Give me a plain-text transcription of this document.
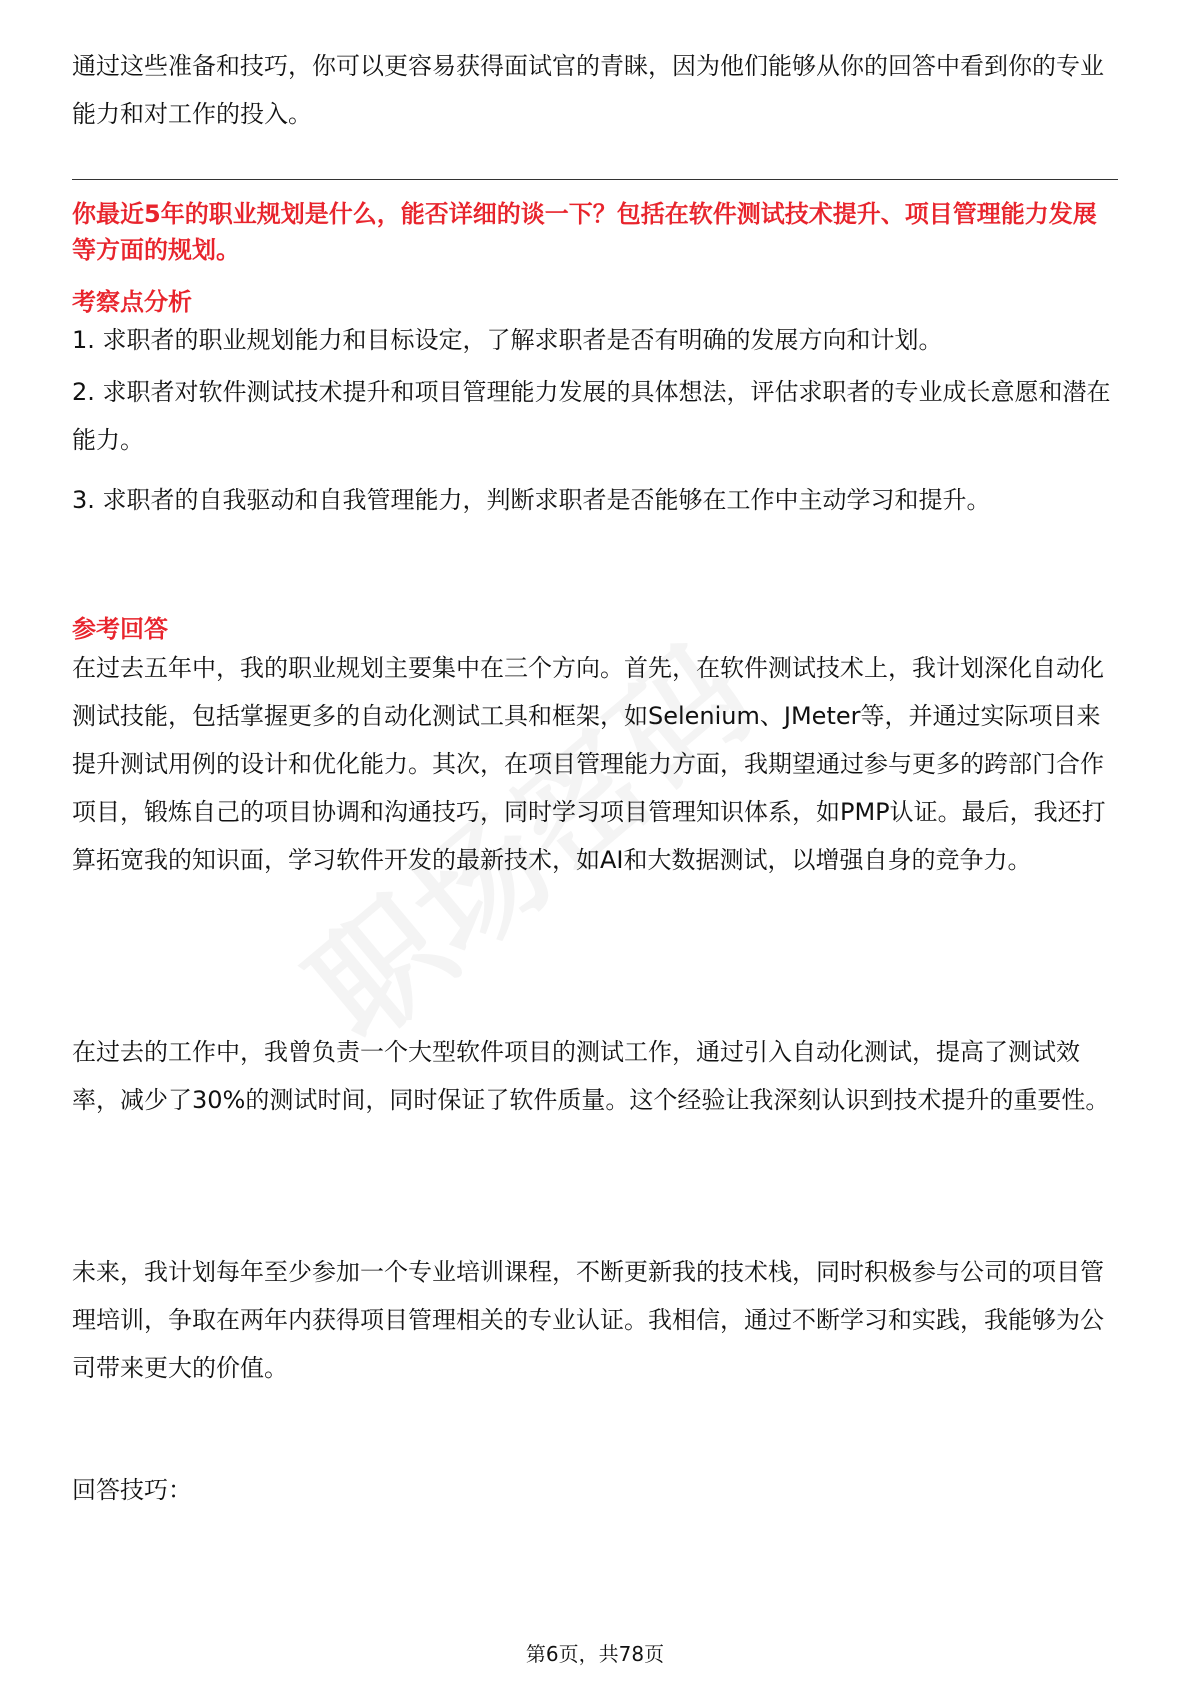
通过这些准备和技巧，你可以更容易获得面试官的青睐，因为他们能够从你的回答中看到你的专业能力和对工作的投入。

你最近5年的职业规划是什么，能否详细的谈一下？包括在软件测试技术提升、项目管理能力发展等方面的规划。

考察点分析

1. 求职者的职业规划能力和目标设定，了解求职者是否有明确的发展方向和计划。

2. 求职者对软件测试技术提升和项目管理能力发展的具体想法，评估求职者的专业成长意愿和潜在能力。

3. 求职者的自我驱动和自我管理能力，判断求职者是否能够在工作中主动学习和提升。

参考回答

在过去五年中，我的职业规划主要集中在三个方向。首先，在软件测试技术上，我计划深化自动化测试技能，包括掌握更多的自动化测试工具和框架，如Selenium、JMeter等，并通过实际项目来提升测试用例的设计和优化能力。其次，在项目管理能力方面，我期望通过参与更多的跨部门合作项目，锻炼自己的项目协调和沟通技巧，同时学习项目管理知识体系，如PMP认证。最后，我还打算拓宽我的知识面，学习软件开发的最新技术，如AI和大数据测试，以增强自身的竞争力。

在过去的工作中，我曾负责一个大型软件项目的测试工作，通过引入自动化测试，提高了测试效率，减少了30%的测试时间，同时保证了软件质量。这个经验让我深刻认识到技术提升的重要性。

未来，我计划每年至少参加一个专业培训课程，不断更新我的技术栈，同时积极参与公司的项目管理培训，争取在两年内获得项目管理相关的专业认证。我相信，通过不断学习和实践，我能够为公司带来更大的价值。

回答技巧：

第6页，共78页
